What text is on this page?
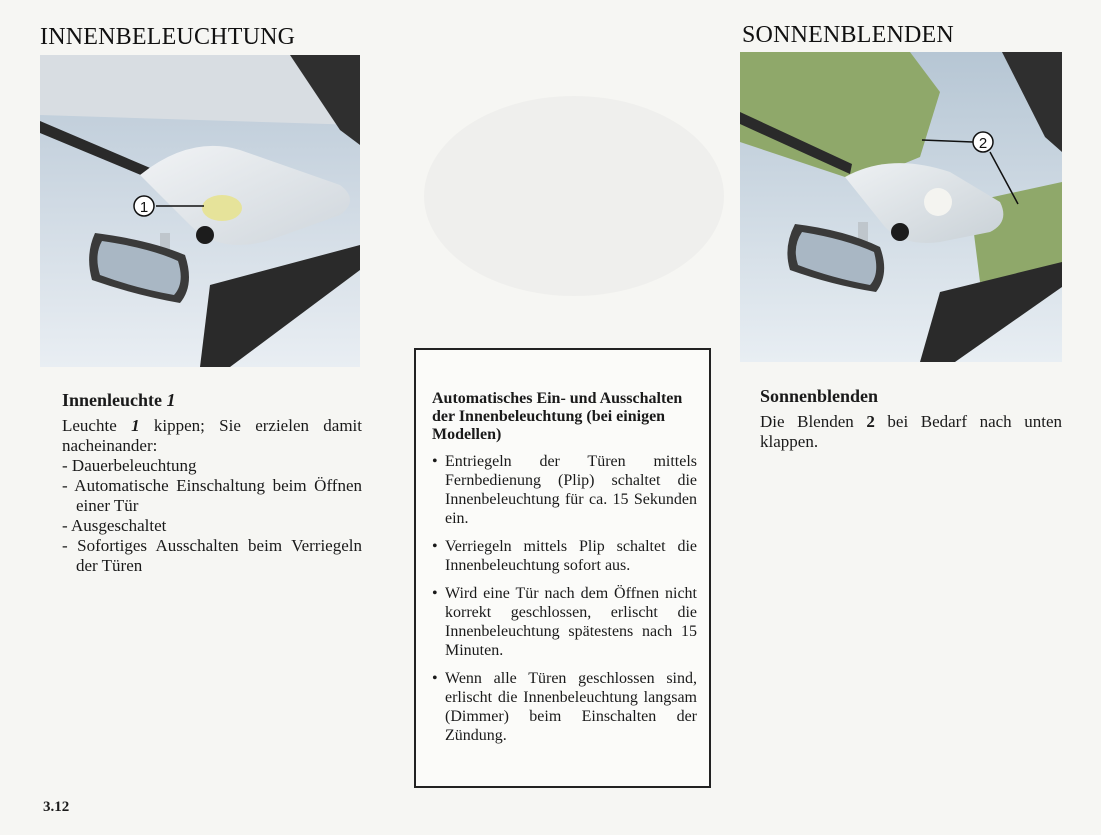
INNENBELEUCHTUNG
1
Innenleuchte 1

Leuchte 1 kippen; Sie erzielen damit nacheinander:

- Dauerbeleuchtung
- Automatische Einschaltung beim Öffnen einer Tür
- Ausgeschaltet
- Sofortiges Ausschalten beim Verriegeln der Türen
Automatisches Ein- und Ausschalten der Innenbeleuchtung (bei einigen Modellen)
• Entriegeln der Türen mittels Fernbedienung (Plip) schaltet die Innenbeleuchtung für ca. 15 Sekunden ein.
• Verriegeln mittels Plip schaltet die Innenbeleuchtung sofort aus.
• Wird eine Tür nach dem Öffnen nicht korrekt geschlossen, erlischt die Innenbeleuchtung spätestens nach 15 Minuten.
• Wenn alle Türen geschlossen sind, erlischt die Innenbeleuchtung langsam (Dimmer) beim Einschalten der Zündung.
SONNENBLENDEN
2
Sonnenblenden

Die Blenden 2 bei Bedarf nach unten klappen.

3.12
